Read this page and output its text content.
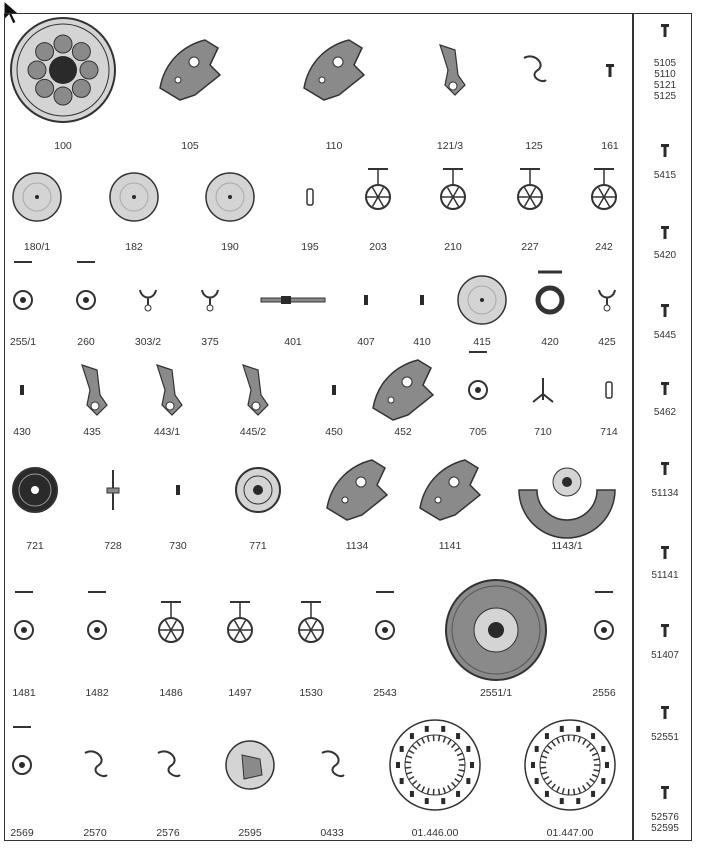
100	105	110	121/3	125	161
180/1	182	190	195	203	210	227	242
255/1	260	303/2	375	401	407	410	415	420	425
430	435	443/1	445/2	450	452	705	710	714
721	728	730	771	1134	1141	1143/1
1481	1482	1486	1497	1530	2543	2551/1	2556
2569	2570	2576	2595	0433	01.446.00	01.447.00
5105
5110
5121
5125
5415
5420
5445
5462
51134
51141
51407
52551
52576
52595
